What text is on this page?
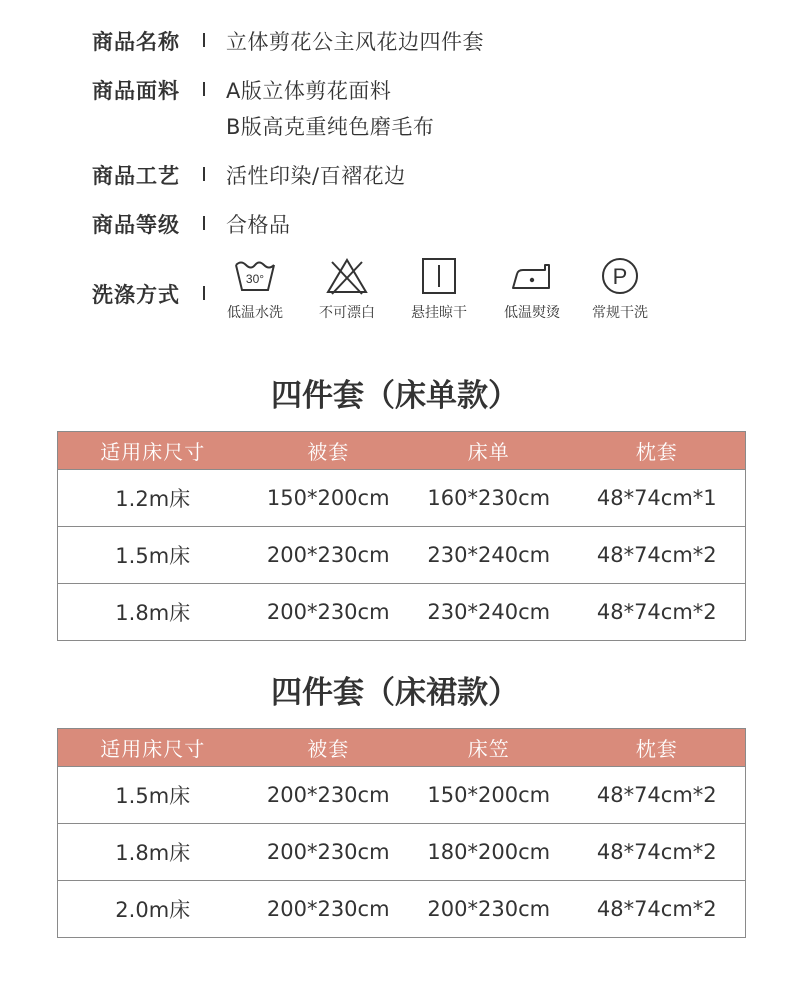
商品名称	立体剪花公主风花边四件套
商品面料	A版立体剪花面料
B版高克重纯色磨毛布
商品工艺	活性印染/百褶花边
商品等级	合格品
洗涤方式
30°
低温水洗	不可漂白	悬挂晾干	低温熨烫
P
常规干洗
四件套（床单款）
适用床尺寸	被套	床单	枕套
1.2m床	150*200cm	160*230cm	48*74cm*1
1.5m床	200*230cm	230*240cm	48*74cm*2
1.8m床	200*230cm	230*240cm	48*74cm*2
四件套（床裙款）
适用床尺寸	被套	床笠	枕套
1.5m床	200*230cm	150*200cm	48*74cm*2
1.8m床	200*230cm	180*200cm	48*74cm*2
2.0m床	200*230cm	200*230cm	48*74cm*2
